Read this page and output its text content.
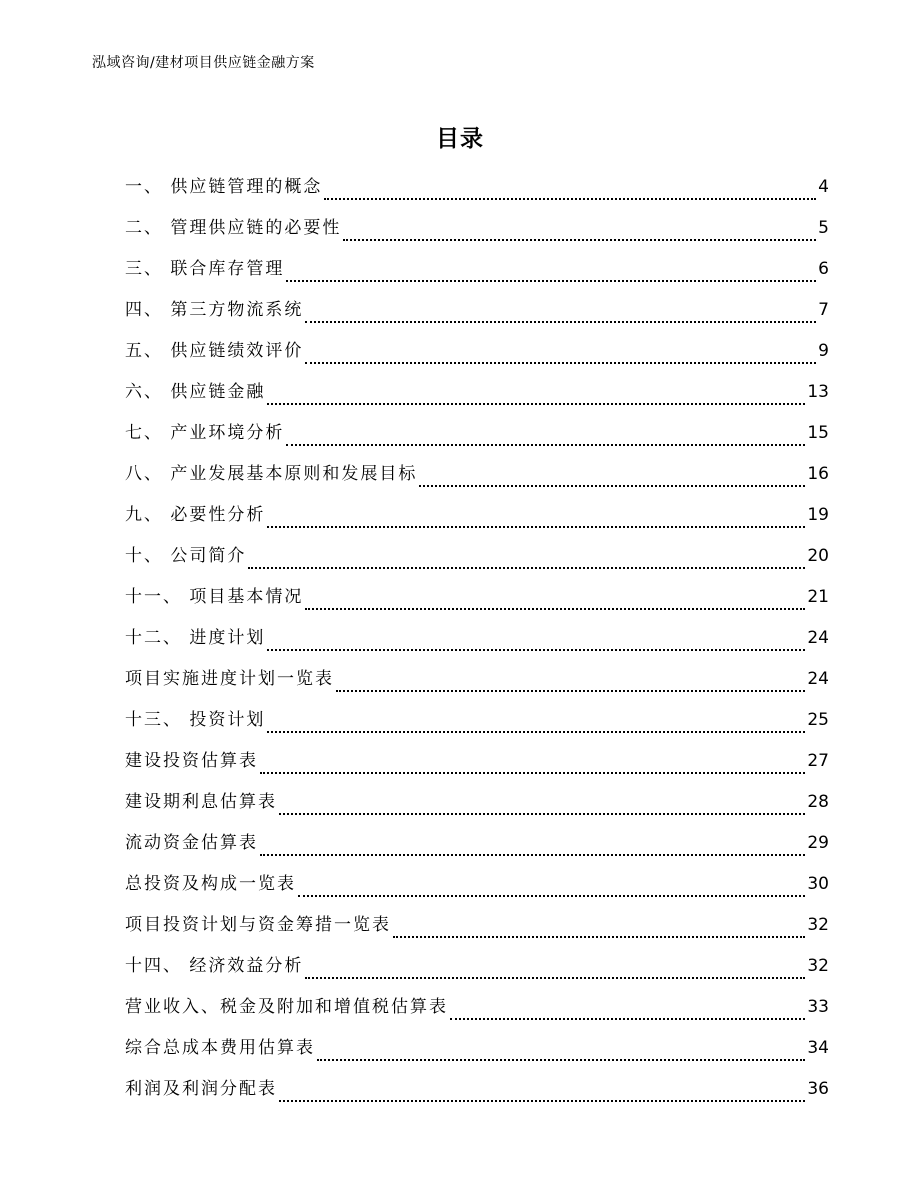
泓域咨询/建材项目供应链金融方案
目录
一、 供应链管理的概念	4
二、 管理供应链的必要性	5
三、 联合库存管理	6
四、 第三方物流系统	7
五、 供应链绩效评价	9
六、 供应链金融	13
七、 产业环境分析	15
八、 产业发展基本原则和发展目标	16
九、 必要性分析	19
十、 公司简介	20
十一、 项目基本情况	21
十二、 进度计划	24
项目实施进度计划一览表	24
十三、 投资计划	25
建设投资估算表	27
建设期利息估算表	28
流动资金估算表	29
总投资及构成一览表	30
项目投资计划与资金筹措一览表	32
十四、 经济效益分析	32
营业收入、税金及附加和增值税估算表	33
综合总成本费用估算表	34
利润及利润分配表	36
